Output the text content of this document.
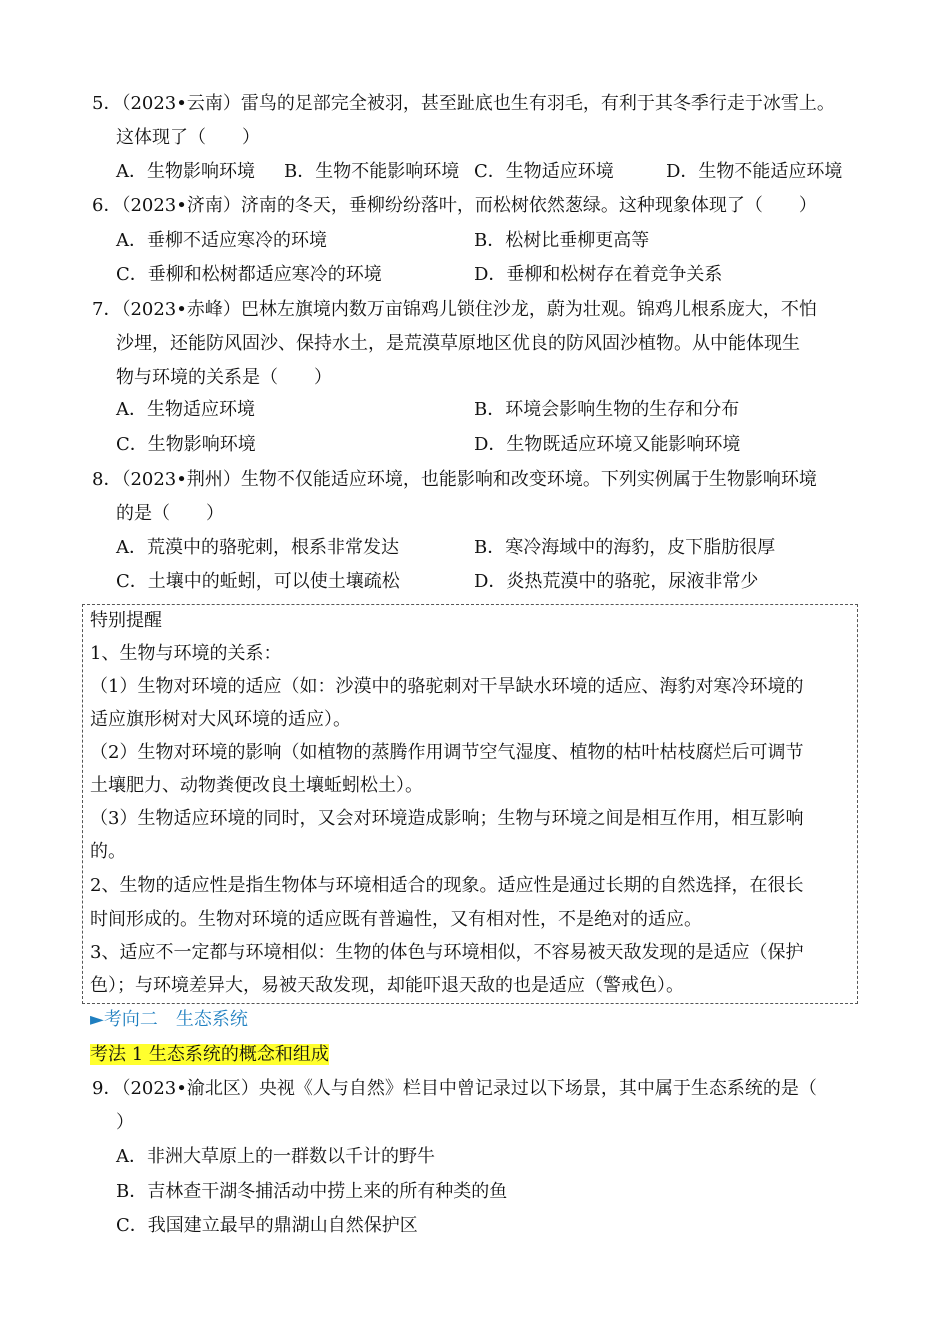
5．（2023•云南）雷鸟的足部完全被羽，甚至趾底也生有羽毛，有利于其冬季行走于冰雪上。
这体现了（　　）
A．生物影响环境 B．生物不能影响环境 C．生物适应环境	D．生物不能适应环境
6．（2023•济南）济南的冬天，垂柳纷纷落叶，而松树依然葱绿。这种现象体现了（　　）
A．垂柳不适应寒冷的环境	B．松树比垂柳更高等
C．垂柳和松树都适应寒冷的环境	D．垂柳和松树存在着竞争关系
7．（2023•赤峰）巴林左旗境内数万亩锦鸡儿锁住沙龙，蔚为壮观。锦鸡儿根系庞大，不怕
沙埋，还能防风固沙、保持水土，是荒漠草原地区优良的防风固沙植物。从中能体现生
物与环境的关系是（　　）
A．生物适应环境	B．环境会影响生物的生存和分布
C．生物影响环境	D．生物既适应环境又能影响环境
8．（2023•荆州）生物不仅能适应环境，也能影响和改变环境。下列实例属于生物影响环境
的是（　　）
A．荒漠中的骆驼刺，根系非常发达	B．寒冷海域中的海豹，皮下脂肪很厚
C．土壤中的蚯蚓，可以使土壤疏松	D．炎热荒漠中的骆驼，尿液非常少
特别提醒
1、生物与环境的关系：
（1）生物对环境的适应（如：沙漠中的骆驼刺对干旱缺水环境的适应、海豹对寒冷环境的
适应旗形树对大风环境的适应）。
（2）生物对环境的影响（如植物的蒸腾作用调节空气湿度、植物的枯叶枯枝腐烂后可调节
土壤肥力、动物粪便改良土壤蚯蚓松土）。
（3）生物适应环境的同时，又会对环境造成影响；生物与环境之间是相互作用，相互影响
的。
2、生物的适应性是指生物体与环境相适合的现象。适应性是通过长期的自然选择，在很长
时间形成的。生物对环境的适应既有普遍性，又有相对性，不是绝对的适应。
3、适应不一定都与环境相似：生物的体色与环境相似，不容易被天敌发现的是适应（保护
色）；与环境差异大，易被天敌发现，却能吓退天敌的也是适应（警戒色）。
►考向二　生态系统
考法 1 生态系统的概念和组成
9．（2023•渝北区）央视《人与自然》栏目中曾记录过以下场景，其中属于生态系统的是（
）
A．非洲大草原上的一群数以千计的野牛
B．吉林查干湖冬捕活动中捞上来的所有种类的鱼
C．我国建立最早的鼎湖山自然保护区
